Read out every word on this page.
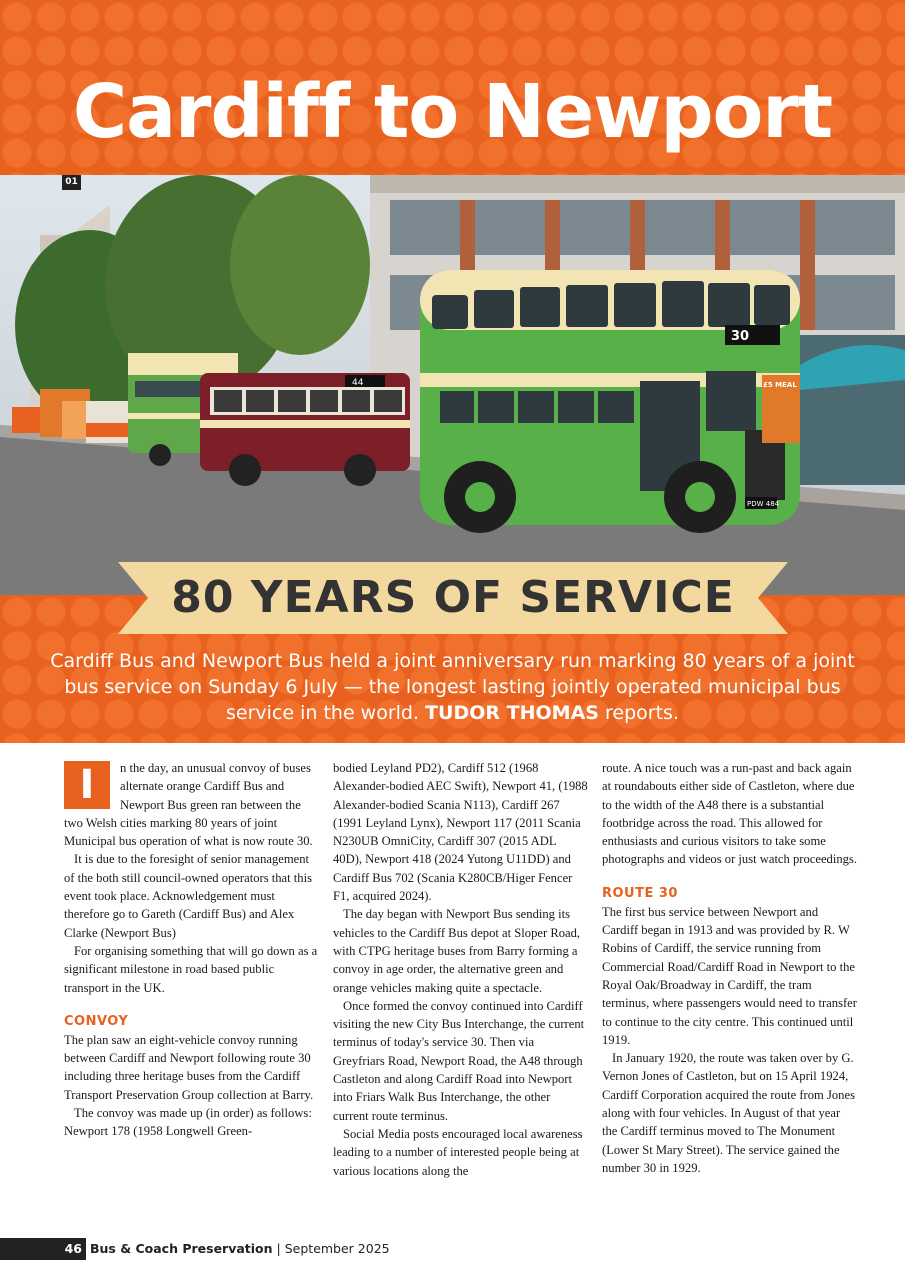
Cardiff to Newport
01
44
30
PDW 484
£5 MEAL
80 YEARS OF SERVICE

Cardiff Bus and Newport Bus held a joint anniversary run marking 80 years of a joint bus service on Sunday 6 July — the longest lasting jointly operated municipal bus service in the world. TUDOR THOMAS reports.

I	n the day, an unusual convoy of buses alternate orange Cardiff Bus and Newport Bus green ran between the two Welsh cities marking 80 years of joint Municipal bus operation of what is now route 30.

It is due to the foresight of senior management of the both still council-owned operators that this event took place. Acknowledgement must therefore go to Gareth (Cardiff Bus) and Alex Clarke (Newport Bus)

For organising something that will go down as a significant milestone in road based public transport in the UK.

CONVOY

The plan saw an eight-vehicle convoy running between Cardiff and Newport following route 30 including three heritage buses from the Cardiff Transport Preservation Group collection at Barry.

The convoy was made up (in order) as follows: Newport 178 (1958 Longwell Green-

bodied Leyland PD2), Cardiff 512 (1968 Alexander-bodied AEC Swift), Newport 41, (1988 Alexander-bodied Scania N113), Cardiff 267 (1991 Leyland Lynx), Newport 117 (2011 Scania N230UB OmniCity, Cardiff 307 (2015 ADL 40D), Newport 418 (2024 Yutong U11DD) and Cardiff Bus 702 (Scania K280CB/Higer Fencer F1, acquired 2024).

The day began with Newport Bus sending its vehicles to the Cardiff Bus depot at Sloper Road, with CTPG heritage buses from Barry forming a convoy in age order, the alternative green and orange vehicles making quite a spectacle.

Once formed the convoy continued into Cardiff visiting the new City Bus Interchange, the current terminus of today's service 30. Then via Greyfriars Road, Newport Road, the A48 through Castleton and along Cardiff Road into Newport into Friars Walk Bus Interchange, the other current route terminus.

Social Media posts encouraged local awareness leading to a number of interested people being at various locations along the

route. A nice touch was a run-past and back again at roundabouts either side of Castleton, where due to the width of the A48 there is a substantial footbridge across the road. This allowed for enthusiasts and curious visitors to take some photographs and videos or just watch proceedings.

ROUTE 30

The first bus service between Newport and Cardiff began in 1913 and was provided by R. W Robins of Cardiff, the service running from Commercial Road/Cardiff Road in Newport to the Royal Oak/Broadway in Cardiff, the tram terminus, where passengers would need to transfer to continue to the city centre. This continued until 1919.

In January 1920, the route was taken over by G. Vernon Jones of Castleton, but on 15 April 1924, Cardiff Corporation acquired the route from Jones along with four vehicles. In August of that year the Cardiff terminus moved to The Monument (Lower St Mary Street). The service gained the number 30 in 1929.

46 Bus & Coach Preservation | September 2025
